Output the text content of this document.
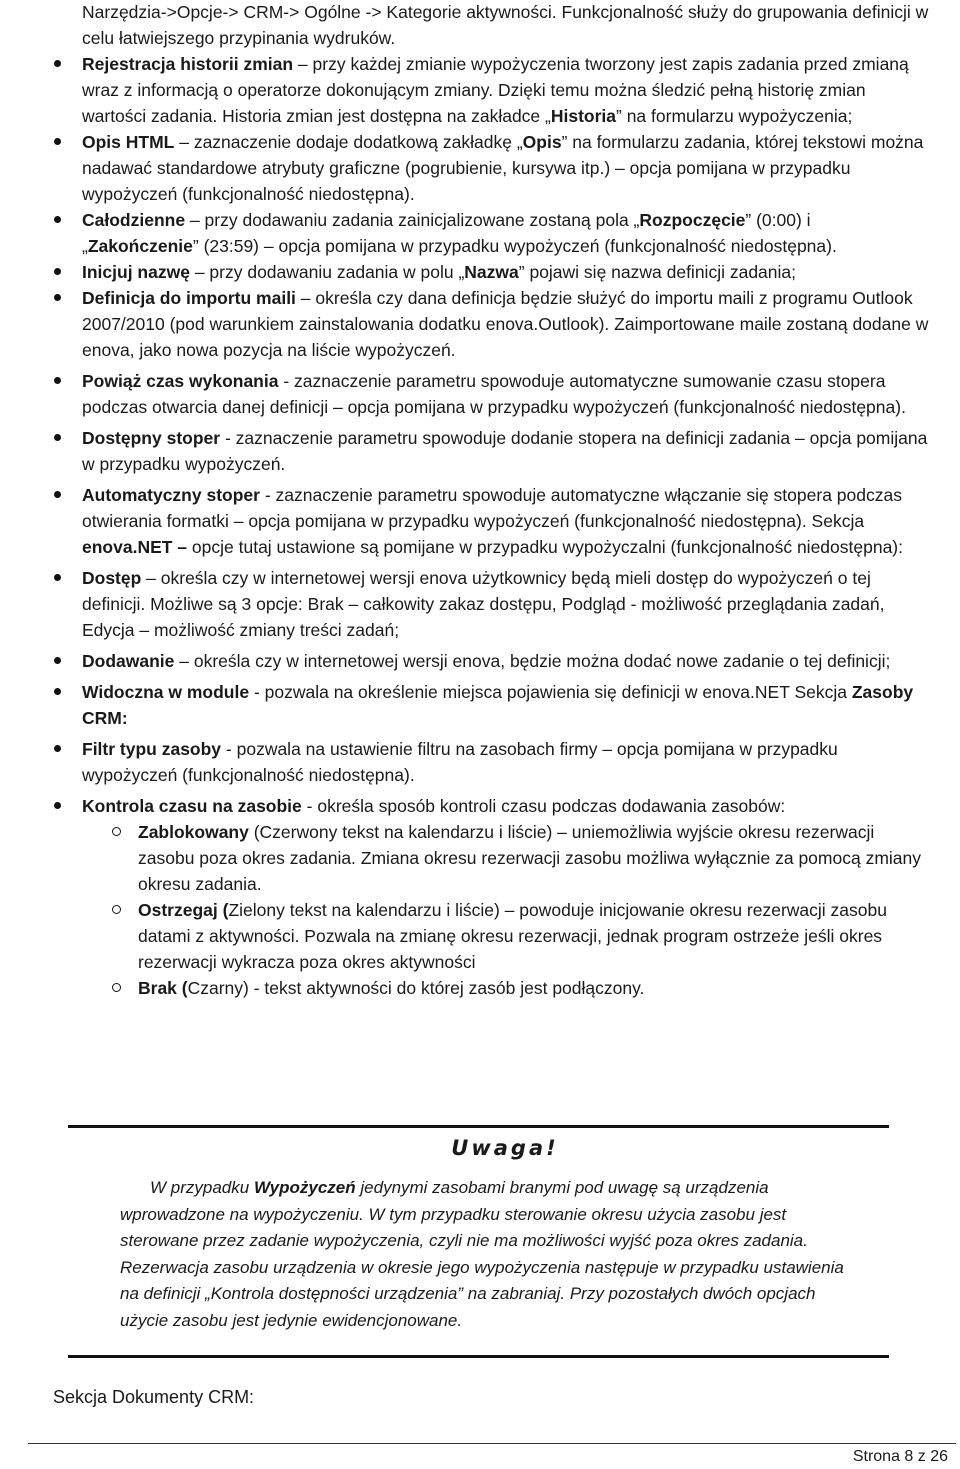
Narzędzia->Opcje-> CRM-> Ogólne -> Kategorie aktywności. Funkcjonalność służy do grupowania definicji w celu łatwiejszego przypinania wydruków.

Rejestracja historii zmian – przy każdej zmianie wypożyczenia tworzony jest zapis zadania przed zmianą wraz z informacją o operatorze dokonującym zmiany. Dzięki temu można śledzić pełną historię zmian wartości zadania. Historia zmian jest dostępna na zakładce „Historia” na formularzu wypożyczenia;
Opis HTML – zaznaczenie dodaje dodatkową zakładkę „Opis” na formularzu zadania, której tekstowi można nadawać standardowe atrybuty graficzne (pogrubienie, kursywa itp.) – opcja pomijana w przypadku wypożyczeń (funkcjonalność niedostępna).
Całodzienne – przy dodawaniu zadania zainicjalizowane zostaną pola „Rozpoczęcie” (0:00) i „Zakończenie” (23:59) – opcja pomijana w przypadku wypożyczeń (funkcjonalność niedostępna).
Inicjuj nazwę – przy dodawaniu zadania w polu „Nazwa” pojawi się nazwa definicji zadania;
Definicja do importu maili – określa czy dana definicja będzie służyć do importu maili z programu Outlook 2007/2010 (pod warunkiem zainstalowania dodatku enova.Outlook). Zaimportowane maile zostaną dodane w enova, jako nowa pozycja na liście wypożyczeń.
Powiąż czas wykonania - zaznaczenie parametru spowoduje automatyczne sumowanie czasu stopera podczas otwarcia danej definicji – opcja pomijana w przypadku wypożyczeń (funkcjonalność niedostępna).
Dostępny stoper - zaznaczenie parametru spowoduje dodanie stopera na definicji zadania – opcja pomijana w przypadku wypożyczeń.
Automatyczny stoper - zaznaczenie parametru spowoduje automatyczne włączanie się stopera podczas otwierania formatki – opcja pomijana w przypadku wypożyczeń (funkcjonalność niedostępna). Sekcja enova.NET – opcje tutaj ustawione są pomijane w przypadku wypożyczalni (funkcjonalność niedostępna):
Dostęp – określa czy w internetowej wersji enova użytkownicy będą mieli dostęp do wypożyczeń o tej definicji. Możliwe są 3 opcje: Brak – całkowity zakaz dostępu, Podgląd - możliwość przeglądania zadań, Edycja – możliwość zmiany treści zadań;
Dodawanie – określa czy w internetowej wersji enova, będzie można dodać nowe zadanie o tej definicji;
Widoczna w module - pozwala na określenie miejsca pojawienia się definicji w enova.NET Sekcja Zasoby CRM:
Filtr typu zasoby - pozwala na ustawienie filtru na zasobach firmy – opcja pomijana w przypadku wypożyczeń (funkcjonalność niedostępna).
Kontrola czasu na zasobie - określa sposób kontroli czasu podczas dodawania zasobów:
Zablokowany (Czerwony tekst na kalendarzu i liście) – uniemożliwia wyjście okresu rezerwacji zasobu poza okres zadania. Zmiana okresu rezerwacji zasobu możliwa wyłącznie za pomocą zmiany okresu zadania.
Ostrzegaj (Zielony tekst na kalendarzu i liście) – powoduje inicjowanie okresu rezerwacji zasobu datami z aktywności. Pozwala na zmianę okresu rezerwacji, jednak program ostrzeże jeśli okres rezerwacji wykracza poza okres aktywności
Brak (Czarny) - tekst aktywności do której zasób jest podłączony.
Uwaga!

W przypadku Wypożyczeń jedynymi zasobami branymi pod uwagę są urządzenia wprowadzone na wypożyczeniu. W tym przypadku sterowanie okresu użycia zasobu jest sterowane przez zadanie wypożyczenia, czyli nie ma możliwości wyjść poza okres zadania. Rezerwacja zasobu urządzenia w okresie jego wypożyczenia następuje w przypadku ustawienia na definicji „Kontrola dostępności urządzenia” na zabraniaj. Przy pozostałych dwóch opcjach użycie zasobu jest jedynie ewidencjonowane.

Sekcja Dokumenty CRM:
Strona 8 z 26
